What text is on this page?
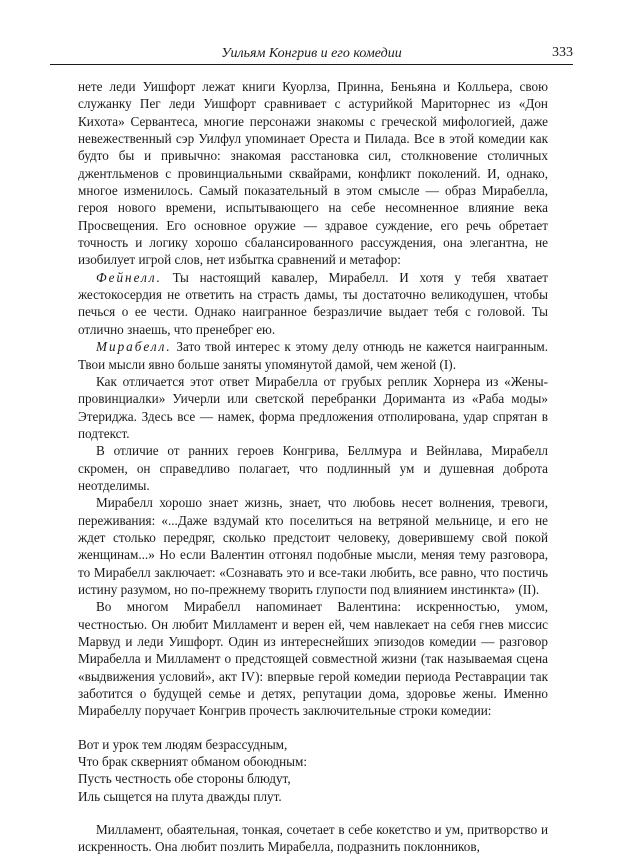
Уильям Конгрив и его комедии	333

нете леди Уишфорт лежат книги Куорлза, Принна, Беньяна и Колльера, свою служанку Пег леди Уишфорт сравнивает с астурийкой Мариторнес из «Дон Кихота» Сервантеса, многие персонажи знакомы с греческой мифологией, даже невежественный сэр Уилфул упоминает Ореста и Пилада. Все в этой комедии как будто бы и привычно: знакомая расстановка сил, столкновение столичных джентльменов с провинциальными сквайрами, конфликт поколений. И, однако, многое изменилось. Самый показательный в этом смысле — образ Мирабелла, героя нового времени, испытывающего на себе несомненное влияние века Просвещения. Его основное оружие — здравое суждение, его речь обретает точность и логику хорошо сбалансированного рассуждения, она элегантна, не изобилует игрой слов, нет избытка сравнений и метафор:

Фейнелл. Ты настоящий кавалер, Мирабелл. И хотя у тебя хватает жестокосердия не ответить на страсть дамы, ты достаточно великодушен, чтобы печься о ее чести. Однако наигранное безразличие выдает тебя с головой. Ты отлично знаешь, что пренебрег ею.

Мирабелл. Зато твой интерес к этому делу отнюдь не кажется наигранным. Твои мысли явно больше заняты упомянутой дамой, чем женой (I).

Как отличается этот ответ Мирабелла от грубых реплик Хорнера из «Жены-провинциалки» Уичерли или светской перебранки Доримантa из «Раба моды» Этериджа. Здесь все — намек, форма предложения отполирована, удар спрятан в подтекст.

В отличие от ранних героев Конгрива, Беллмура и Вейнлава, Мирабелл скромен, он справедливо полагает, что подлинный ум и душевная доброта неотделимы.

Мирабелл хорошо знает жизнь, знает, что любовь несет волнения, тревоги, переживания: «...Даже вздумай кто поселиться на ветряной мельнице, и его не ждет столько передряг, сколько предстоит человеку, доверившему свой покой женщинам...» Но если Валентин отгонял подобные мысли, меняя тему разговора, то Мирабелл заключает: «Сознавать это и все-таки любить, все равно, что постичь истину разумом, но по-прежнему творить глупости под влиянием инстинкта» (II).

Во многом Мирабелл напоминает Валентина: искренностью, умом, честностью. Он любит Милламент и верен ей, чем навлекает на себя гнев миссис Марвуд и леди Уишфорт. Один из интереснейших эпизодов комедии — разговор Мирабелла и Милламент о предстоящей совместной жизни (так называемая сцена «выдвижения условий», акт IV): впервые герой комедии периода Реставрации так заботится о будущей семье и детях, репутации дома, здоровье жены. Именно Мирабеллу поручает Конгрив прочесть заключительные строки комедии:

Вот и урок тем людям безрассудным,
Что брак скверният обманом обоюдным:
Пусть честность обе стороны блюдут,
Иль сыщется на плута дважды плут.

Миллaмент, обаятельная, тонкая, сочетает в себе кокетство и ум, притворство и искренность. Она любит позлить Мирабелла, подразнить поклонников,
